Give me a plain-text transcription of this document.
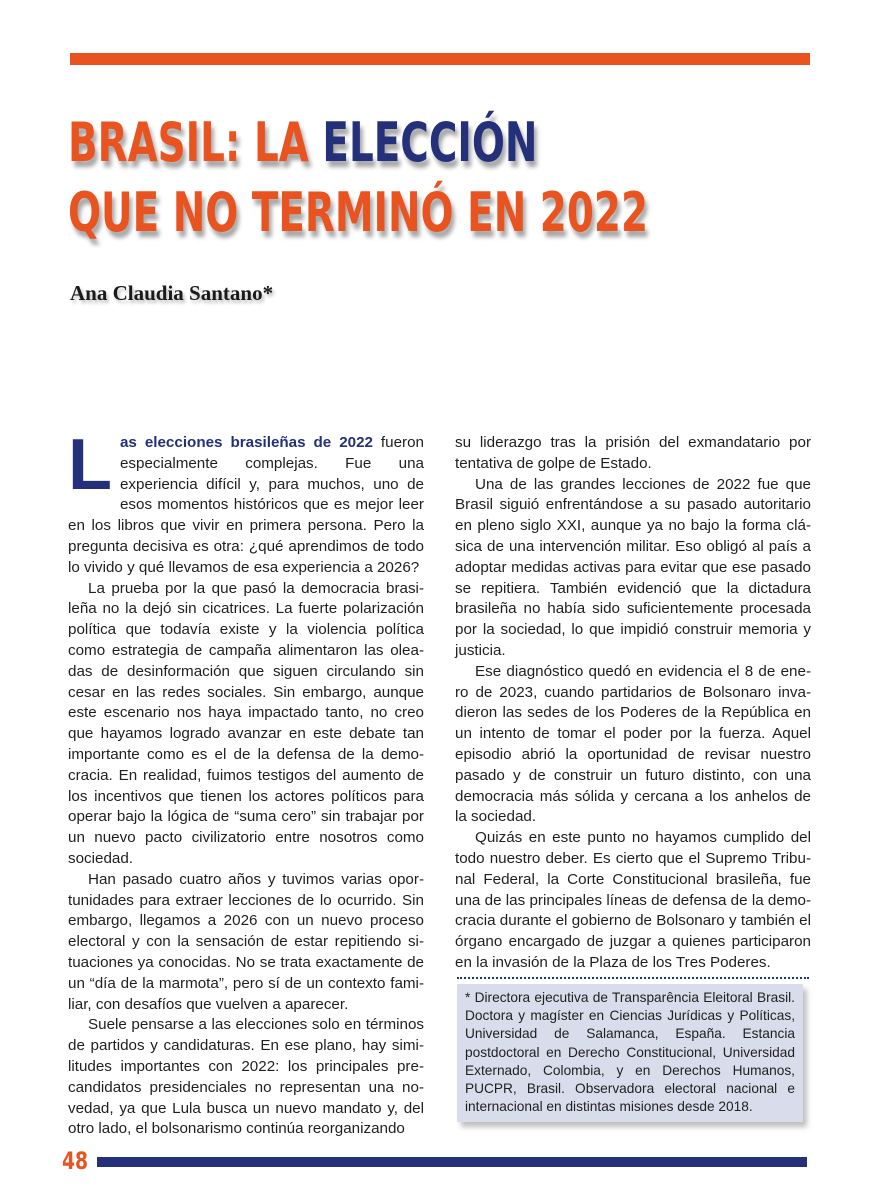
BRASIL: LA ELECCIÓN
QUE NO TERMINÓ EN 2022
Ana Claudia Santano*

Las elecciones brasileñas de 2022 fueron especialmente complejas. Fue una experiencia difícil y, para muchos, uno de esos momentos históricos que es mejor leer en los libros que vivir en primera persona. Pero la pregunta decisiva es otra: ¿qué aprendimos de todo lo vivido y qué llevamos de esa experiencia a 2026?

La prueba por la que pasó la democracia brasileña no la dejó sin cicatrices. La fuerte polarización política que todavía existe y la violencia política como estrategia de campaña alimentaron las oleadas de desinformación que siguen circulando sin cesar en las redes sociales. Sin embargo, aunque este escenario nos haya impactado tanto, no creo que hayamos logrado avanzar en este debate tan importante como es el de la defensa de la democracia. En realidad, fuimos testigos del aumento de los incentivos que tienen los actores políticos para operar bajo la lógica de “suma cero” sin trabajar por un nuevo pacto civilizatorio entre nosotros como sociedad.

Han pasado cuatro años y tuvimos varias oportunidades para extraer lecciones de lo ocurrido. Sin embargo, llegamos a 2026 con un nuevo proceso electoral y con la sensación de estar repitiendo situaciones ya conocidas. No se trata exactamente de un “día de la marmota”, pero sí de un contexto familiar, con desafíos que vuelven a aparecer.

Suele pensarse a las elecciones solo en términos de partidos y candidaturas. En ese plano, hay similitudes importantes con 2022: los principales precandidatos presidenciales no representan una novedad, ya que Lula busca un nuevo mandato y, del otro lado, el bolsonarismo continúa reorganizando

su liderazgo tras la prisión del exmandatario por tentativa de golpe de Estado.

Una de las grandes lecciones de 2022 fue que Brasil siguió enfrentándose a su pasado autoritario en pleno siglo XXI, aunque ya no bajo la forma clásica de una intervención militar. Eso obligó al país a adoptar medidas activas para evitar que ese pasado se repitiera. También evidenció que la dictadura brasileña no había sido suficientemente procesada por la sociedad, lo que impidió construir memoria y justicia.

Ese diagnóstico quedó en evidencia el 8 de enero de 2023, cuando partidarios de Bolsonaro invadieron las sedes de los Poderes de la República en un intento de tomar el poder por la fuerza. Aquel episodio abrió la oportunidad de revisar nuestro pasado y de construir un futuro distinto, con una democracia más sólida y cercana a los anhelos de la sociedad.

Quizás en este punto no hayamos cumplido del todo nuestro deber. Es cierto que el Supremo Tribunal Federal, la Corte Constitucional brasileña, fue una de las principales líneas de defensa de la democracia durante el gobierno de Bolsonaro y también el órgano encargado de juzgar a quienes participaron en la invasión de la Plaza de los Tres Poderes.

* Directora ejecutiva de Transparência Eleitoral Brasil. Doctora y magíster en Ciencias Jurídicas y Políticas, Universidad de Salamanca, España. Estancia postdoctoral en Derecho Constitucional, Universidad Externado, Colombia, y en Derechos Humanos, PUCPR, Brasil. Observadora electoral nacional e internacional en distintas misiones desde 2018.
48
